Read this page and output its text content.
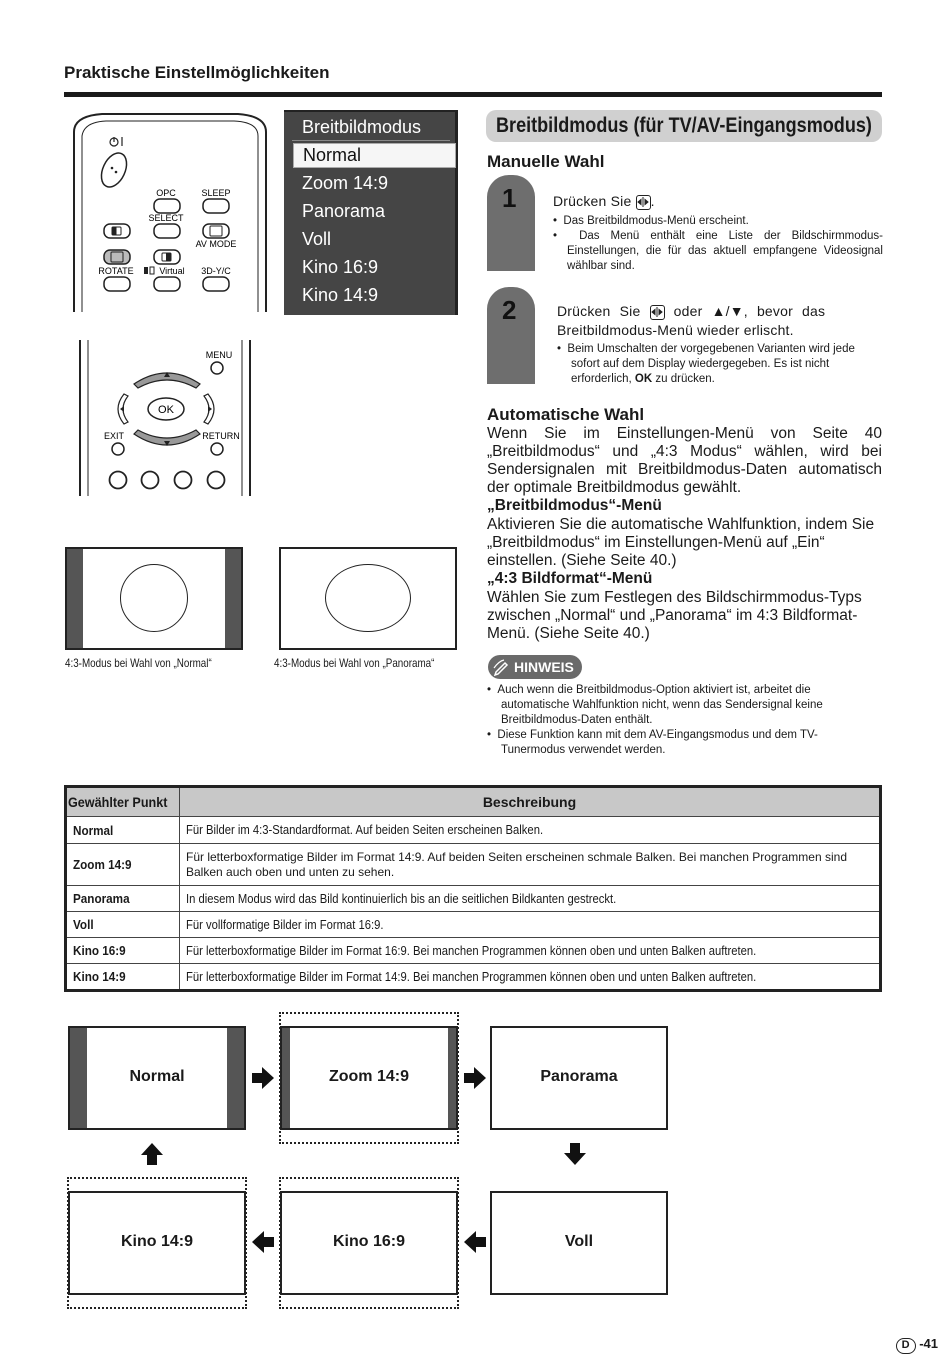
Praktische Einstellmöglichkeiten
OPC	SLEEP
SELECT
AV MODE
ROTATE	Virtual 3D-Y/C
MENU
OK
EXIT	RETURN
Breitbildmodus
Normal
Zoom 14:9
Panorama
Voll
Kino 16:9
Kino 14:9
4:3-Modus bei Wahl von „Normal“	4:3-Modus bei Wahl von „Panorama“
Breitbildmodus (für TV/AV-Eingangsmodus)
Manuelle Wahl
1	Drücken Sie .
•  Das Breitbildmodus-Menü erscheint.
•  Das Menü enthält eine Liste der Bildschirmmodus-Einstellungen, die für das aktuell empfangene Videosignal wählbar sind.
2	Drücken Sie oder ▲/▼, bevor das
Breitbildmodus-Menü wieder erlischt.
•  Beim Umschalten der vorgegebenen Varianten wird jede sofort auf dem Display wiedergegeben. Es ist nicht erforderlich, OK zu drücken.
Automatische Wahl
Wenn Sie im Einstellungen-Menü von Seite 40 „Breitbildmodus“ und „4:3 Modus“ wählen, wird bei Sendersignalen mit Breitbildmodus-Daten automatisch der optimale Breitbildmodus gewählt.
„Breitbildmodus“-Menü
Aktivieren Sie die automatische Wahlfunktion, indem Sie „Breitbildmodus“ im Einstellungen-Menü auf „Ein“ einstellen. (Siehe Seite 40.)
„4:3 Bildformat“-Menü
Wählen Sie zum Festlegen des Bildschirmmodus-Typs zwischen „Normal“ und „Panorama“ im 4:3 Bildformat-Menü. (Siehe Seite 40.)
HINWEIS
•  Auch wenn die Breitbildmodus-Option aktiviert ist, arbeitet die automatische Wahlfunktion nicht, wenn das Sendersignal keine Breitbildmodus-Daten enthält.
•  Diese Funktion kann mit dem AV-Eingangsmodus und dem TV-Tunermodus verwendet werden.
Gewählter Punkt	Beschreibung
Normal	Für Bilder im 4:3-Standardformat. Auf beiden Seiten erscheinen Balken.
Zoom 14:9	Für letterboxformatige Bilder im Format 14:9. Auf beiden Seiten erscheinen schmale Balken. Bei manchen Programmen sind Balken auch oben und unten zu sehen.
Panorama	In diesem Modus wird das Bild kontinuierlich bis an die seitlichen Bildkanten gestreckt.
Voll	Für vollformatige Bilder im Format 16:9.
Kino 16:9	Für letterboxformatige Bilder im Format 16:9. Bei manchen Programmen können oben und unten Balken auftreten.
Kino 14:9	Für letterboxformatige Bilder im Format 14:9. Bei manchen Programmen können oben und unten Balken auftreten.
Normal	Zoom 14:9	Panorama
Voll
Kino 16:9
Kino 14:9
D -41
